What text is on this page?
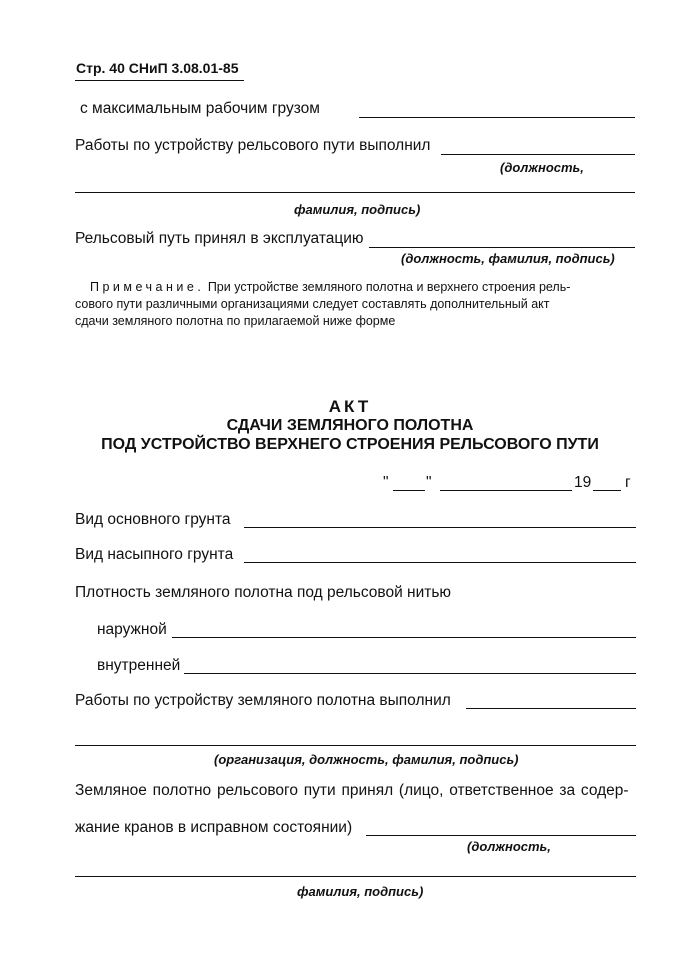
Стр. 40 СНиП 3.08.01-85
с максимальным рабочим грузом
Работы по устройству рельсового пути выполнил
(должность,
фамилия, подпись)
Рельсовый путь принял в эксплуатацию
(должность, фамилия, подпись)
Примечание. При устройстве земляного полотна и верхнего строения рель-
сового пути различными организациями следует составлять дополнительный акт
сдачи земляного полотна по прилагаемой ниже форме
АКТ
СДАЧИ ЗЕМЛЯНОГО ПОЛОТНА
ПОД УСТРОЙСТВО ВЕРХНЕГО СТРОЕНИЯ РЕЛЬСОВОГО ПУТИ
" "	19 г
Вид основного грунта
Вид насыпного грунта
Плотность земляного полотна под рельсовой нитью
наружной
внутренней
Работы по устройству земляного полотна выполнил
(организация, должность, фамилия, подпись)
Земляное полотно рельсового пути принял (лицо, ответственное за содер-
жание кранов в исправном состоянии)
(должность,
фамилия, подпись)
